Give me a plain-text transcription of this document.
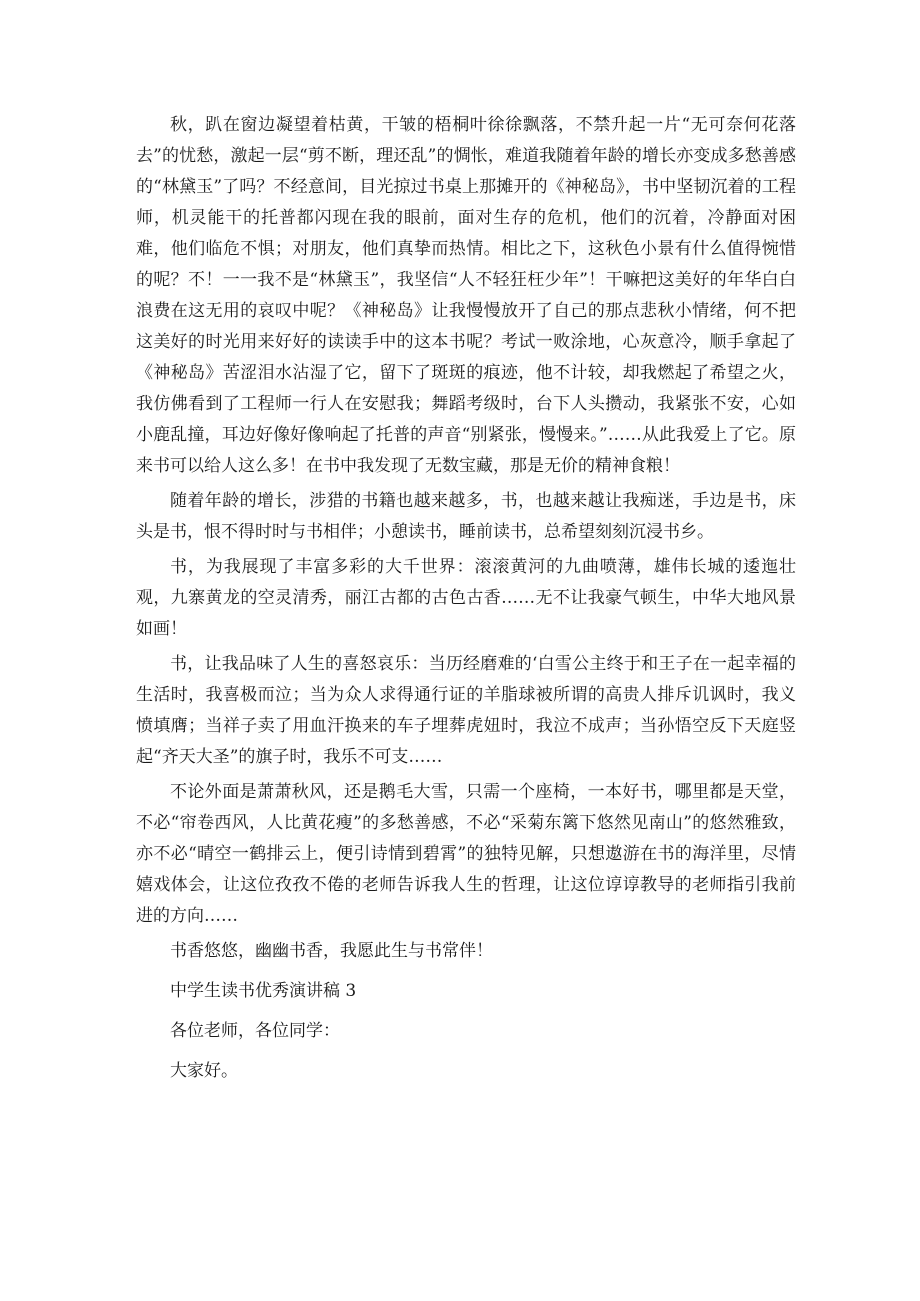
秋，趴在窗边凝望着枯黄，干皱的梧桐叶徐徐飘落，不禁升起一片“无可奈何花落去”的忧愁，激起一层“剪不断，理还乱”的惆怅，难道我随着年龄的增长亦变成多愁善感的“林黛玉”了吗？不经意间，目光掠过书桌上那摊开的《神秘岛》，书中坚韧沉着的工程师，机灵能干的托普都闪现在我的眼前，面对生存的危机，他们的沉着，冷静面对困难，他们临危不惧；对朋友，他们真挚而热情。相比之下，这秋色小景有什么值得惋惜的呢？不！一一我不是“林黛玉”，我坚信“人不轻狂枉少年”！干嘛把这美好的年华白白浪费在这无用的哀叹中呢？《神秘岛》让我慢慢放开了自己的那点悲秋小情绪，何不把这美好的时光用来好好的读读手中的这本书呢？考试一败涂地，心灰意冷，顺手拿起了《神秘岛》苦涩泪水沾湿了它，留下了斑斑的痕迹，他不计较，却我燃起了希望之火，我仿佛看到了工程师一行人在安慰我；舞蹈考级时，台下人头攒动，我紧张不安，心如小鹿乱撞，耳边好像好像响起了托普的声音“别紧张，慢慢来。”……从此我爱上了它。原来书可以给人这么多！在书中我发现了无数宝藏，那是无价的精神食粮！

随着年龄的增长，涉猎的书籍也越来越多，书，也越来越让我痴迷，手边是书，床头是书，恨不得时时与书相伴；小憩读书，睡前读书，总希望刻刻沉浸书乡。

书，为我展现了丰富多彩的大千世界：滚滚黄河的九曲喷薄，雄伟长城的逶迤壮观，九寨黄龙的空灵清秀，丽江古都的古色古香……无不让我豪气顿生，中华大地风景如画！

书，让我品味了人生的喜怒哀乐：当历经磨难的‘白雪公主终于和王子在一起幸福的生活时，我喜极而泣；当为众人求得通行证的羊脂球被所谓的高贵人排斥讥讽时，我义愤填膺；当祥子卖了用血汗换来的车子埋葬虎妞时，我泣不成声；当孙悟空反下天庭竖起“齐天大圣”的旗子时，我乐不可支……

不论外面是萧萧秋风，还是鹅毛大雪，只需一个座椅，一本好书，哪里都是天堂，不必“帘卷西风，人比黄花瘦”的多愁善感，不必“采菊东篱下悠然见南山”的悠然雅致，亦不必“晴空一鹤排云上，便引诗情到碧霄”的独特见解，只想遨游在书的海洋里，尽情嬉戏体会，让这位孜孜不倦的老师告诉我人生的哲理，让这位谆谆教导的老师指引我前进的方向……

书香悠悠，幽幽书香，我愿此生与书常伴！

中学生读书优秀演讲稿 3

各位老师，各位同学：

大家好。
